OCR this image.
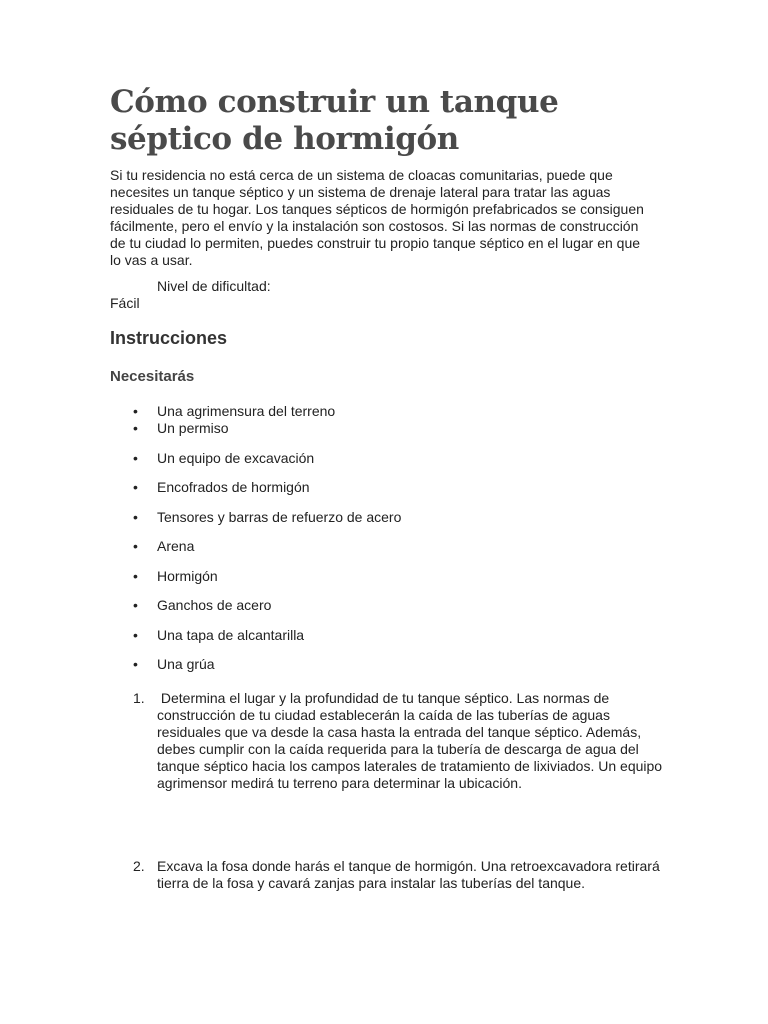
Cómo construir un tanque séptico de hormigón

Si tu residencia no está cerca de un sistema de cloacas comunitarias, puede que necesites un tanque séptico y un sistema de drenaje lateral para tratar las aguas residuales de tu hogar. Los tanques sépticos de hormigón prefabricados se consiguen fácilmente, pero el envío y la instalación son costosos. Si las normas de construcción de tu ciudad lo permiten, puedes construir tu propio tanque séptico en el lugar en que lo vas a usar.

Nivel de dificultad:
Fácil
Instrucciones
Necesitarás
• Una agrimensura del terreno
• Un permiso
• Un equipo de excavación
• Encofrados de hormigón
• Tensores y barras de refuerzo de acero
• Arena
• Hormigón
• Ganchos de acero
• Una tapa de alcantarilla
• Una grúa
1. Determina el lugar y la profundidad de tu tanque séptico. Las normas de construcción de tu ciudad establecerán la caída de las tuberías de aguas residuales que va desde la casa hasta la entrada del tanque séptico. Además, debes cumplir con la caída requerida para la tubería de descarga de agua del tanque séptico hacia los campos laterales de tratamiento de lixiviados. Un equipo agrimensor medirá tu terreno para determinar la ubicación.
2. Excava la fosa donde harás el tanque de hormigón. Una retroexcavadora retirará tierra de la fosa y cavará zanjas para instalar las tuberías del tanque.
